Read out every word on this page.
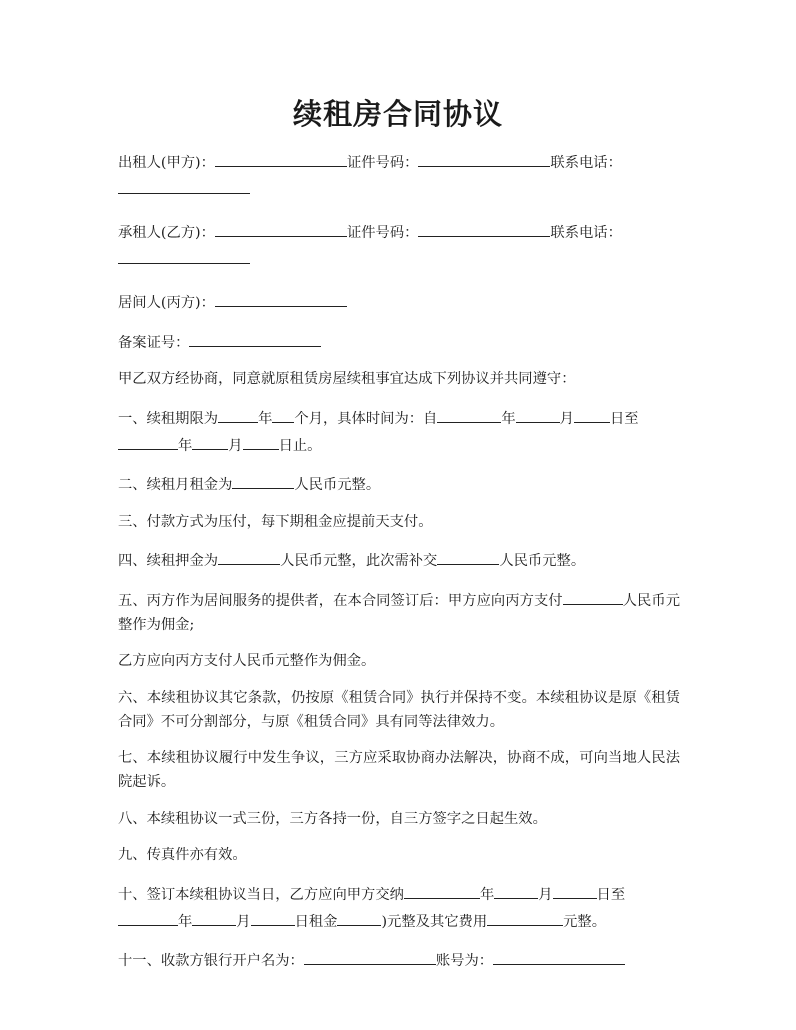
续租房合同协议

出租人(甲方)：	证件号码：	联系电话：

承租人(乙方)：	证件号码：	联系电话：

居间人(丙方)：

备案证号：

甲乙双方经协商，同意就原租赁房屋续租事宜达成下列协议并共同遵守：

一、续租期限为	年 个月，具体时间为：自	年	月	日至
年	月	日止。

二、续租月租金为	人民币元整。

三、付款方式为压付，每下期租金应提前天支付。

四、续租押金为	人民币元整，此次需补交	人民币元整。

五、丙方作为居间服务的提供者，在本合同签订后：甲方应向丙方支付	人民币元整作为佣金;

乙方应向丙方支付人民币元整作为佣金。

六、本续租协议其它条款，仍按原《租赁合同》执行并保持不变。本续租协议是原《租赁合同》不可分割部分，与原《租赁合同》具有同等法律效力。

七、本续租协议履行中发生争议，三方应采取协商办法解决，协商不成，可向当地人民法院起诉。

八、本续租协议一式三份，三方各持一份，自三方签字之日起生效。

九、传真件亦有效。

十、签订本续租协议当日，乙方应向甲方交纳	年	月	日至
年	月	日租金	)元整及其它费用	元整。

十一、收款方银行开户名为：	账号为：
